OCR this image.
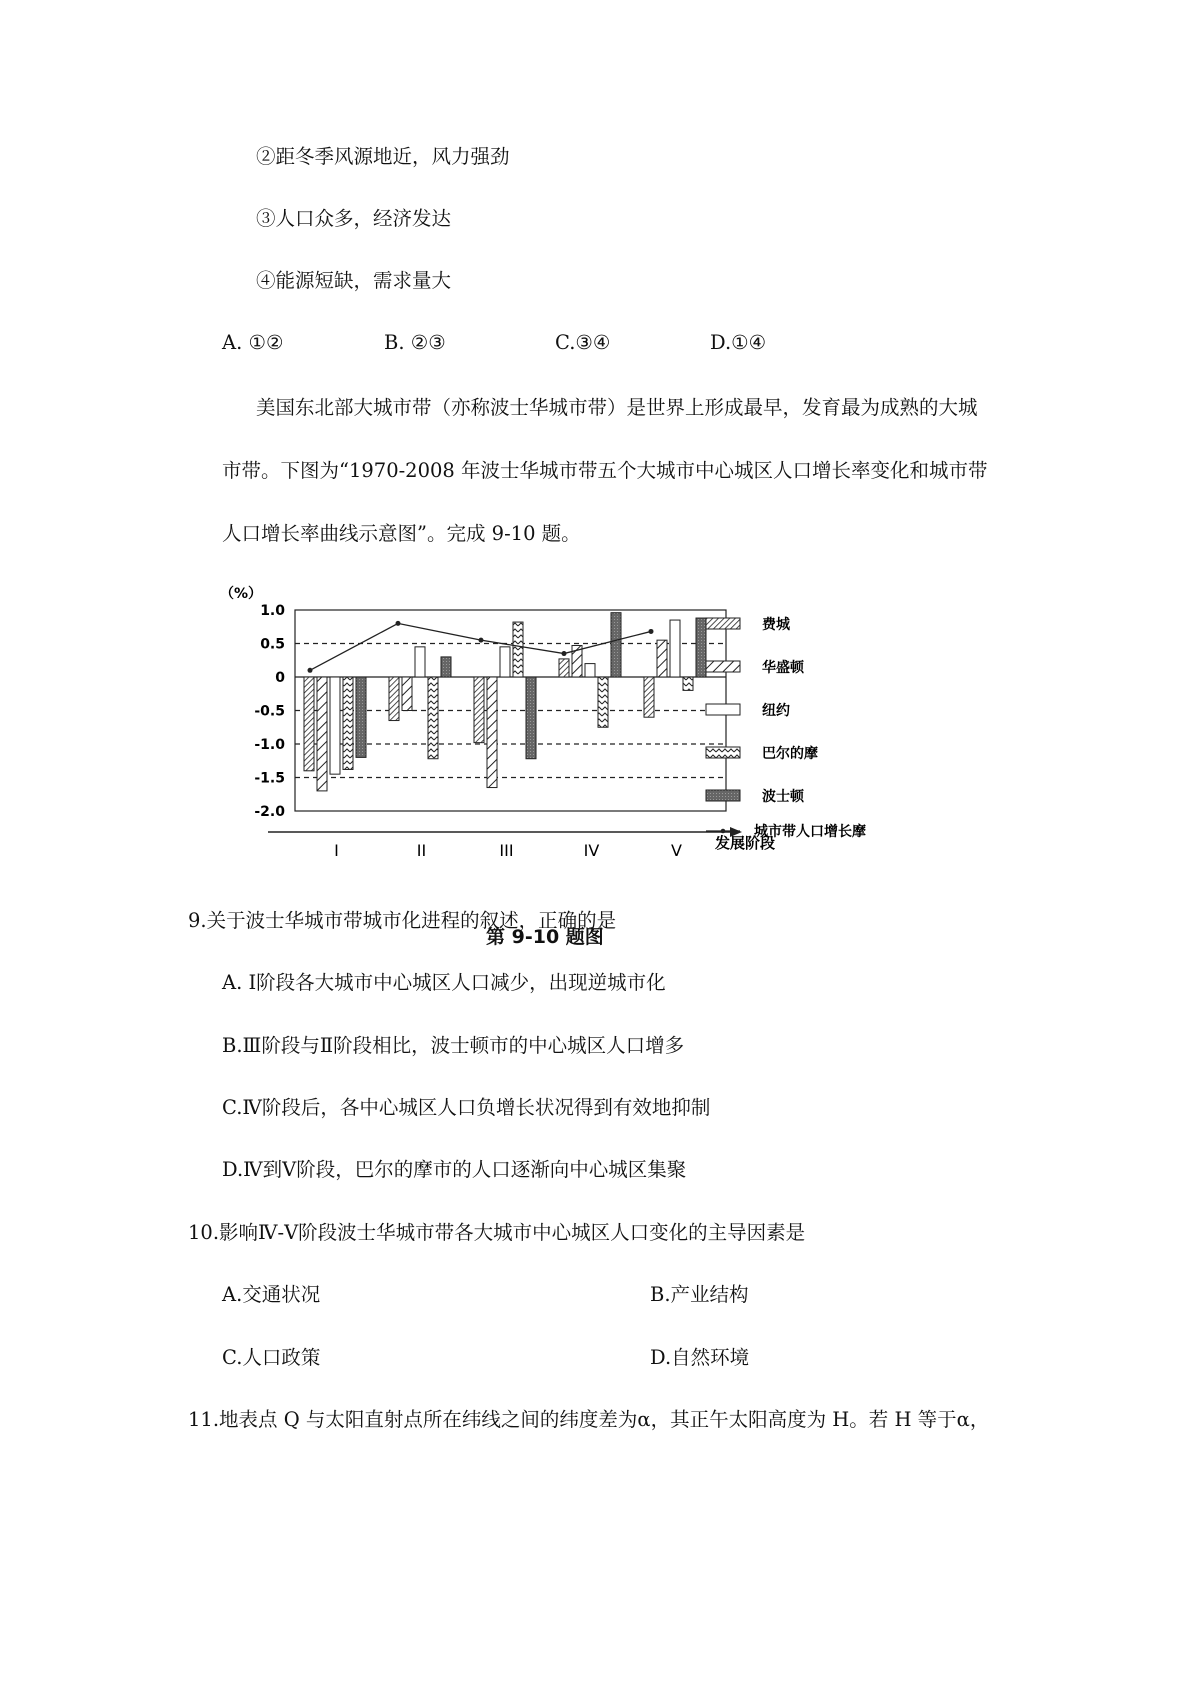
②距冬季风源地近，风力强劲
③人口众多，经济发达
④能源短缺，需求量大
A. ①②	B. ②③	C.③④	D.①④
美国东北部大城市带（亦称波士华城市带）是世界上形成最早，发育最为成熟的大城
市带。下图为“1970-2008 年波士华城市带五个大城市中心城区人口增长率变化和城市带
人口增长率曲线示意图”。完成 9-10 题。
（%）
1.0
0.5
0
-0.5
-1.0
-1.5
-2.0
I	II	III	IV	V 发展阶段
费城
华盛顿
纽约
巴尔的摩
波士顿
城市带人口增长摩
第 9-10 题图
9.关于波士华城市带城市化进程的叙述，正确的是
A. Ⅰ阶段各大城市中心城区人口减少，出现逆城市化
B.Ⅲ阶段与Ⅱ阶段相比，波士顿市的中心城区人口增多
C.Ⅳ阶段后，各中心城区人口负增长状况得到有效地抑制
D.Ⅳ到Ⅴ阶段，巴尔的摩市的人口逐渐向中心城区集聚
10.影响Ⅳ-Ⅴ阶段波士华城市带各大城市中心城区人口变化的主导因素是
A.交通状况	B.产业结构
C.人口政策	D.自然环境
11.地表点 Q 与太阳直射点所在纬线之间的纬度差为α，其正午太阳高度为 H。若 H 等于α，
